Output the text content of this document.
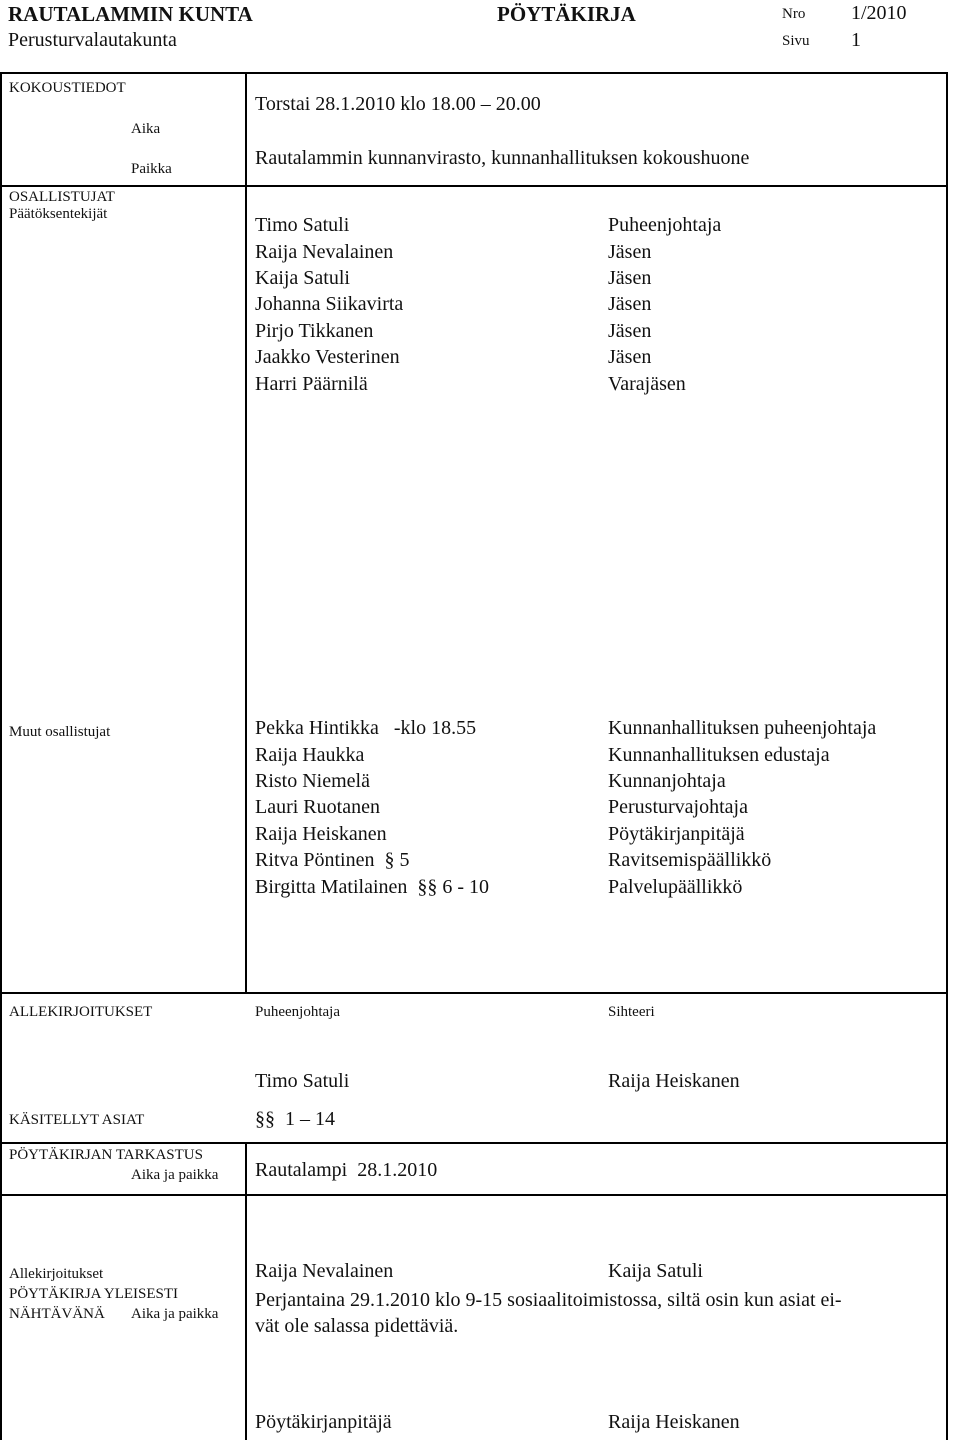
RAUTALAMMIN KUNTA
Perusturvalautakunta
PÖYTÄKIRJA	Nro 1/2010
Sivu 1
KOKOUSTIEDOT
Aika
Torstai 28.1.2010 klo 18.00 – 20.00
Paikka	Rautalammin kunnanvirasto, kunnanhallituksen kokoushuone
OSALLISTUJAT
Päätöksentekijät	Timo Satuli	Puheenjohtaja
Raija Nevalainen	Jäsen
Kaija Satuli	Jäsen
Johanna Siikavirta	Jäsen
Pirjo Tikkanen	Jäsen
Jaakko Vesterinen	Jäsen
Harri Päärnilä	Varajäsen
Muut osallistujat	Pekka Hintikka   -klo 18.55	Kunnanhallituksen puheenjohtaja
Raija Haukka	Kunnanhallituksen edustaja
Risto Niemelä	Kunnanjohtaja
Lauri Ruotanen	Perusturvajohtaja
Raija Heiskanen	Pöytäkirjanpitäjä
Ritva Pöntinen  § 5	Ravitsemispäällikkö
Birgitta Matilainen  §§ 6 - 10	Palvelupäällikkö
ALLEKIRJOITUKSET	Puheenjohtaja	Sihteeri
Timo Satuli	Raija Heiskanen
KÄSITELLYT ASIAT	§§  1 – 14
PÖYTÄKIRJAN TARKASTUS
Aika ja paikka Rautalampi  28.1.2010
Allekirjoitukset	Raija Nevalainen	Kaija Satuli
PÖYTÄKIRJA YLEISESTI
NÄHTÄVÄNÄ Aika ja paikka
Perjantaina 29.1.2010 klo 9-15 sosiaalitoimistossa, siltä osin kun asiat ei-
vät ole salassa pidettäviä.
Pöytäkirjanpitäjä	Raija Heiskanen
